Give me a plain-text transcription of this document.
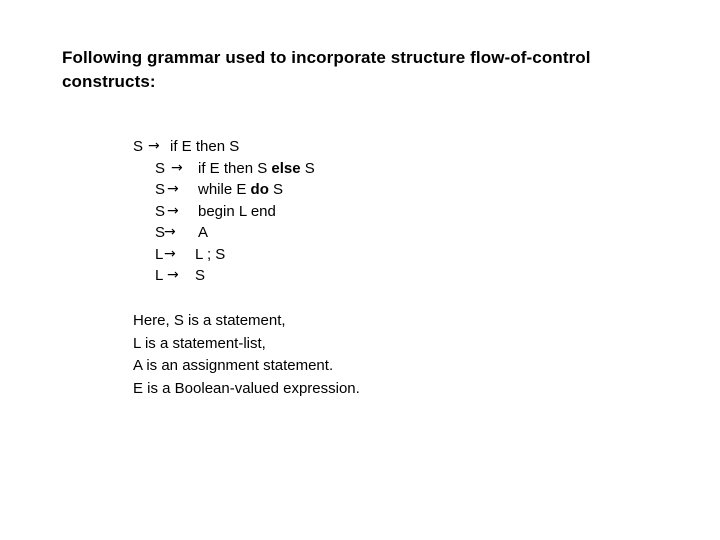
Following grammar used to incorporate structure flow-of-control
constructs:
S → if E then S
S → if E then S else S
S → while E do S
S → begin L end
S
→ A
L → L ; S
L → S
Here, S is a statement,
L is a statement-list,
A is an assignment statement.
E is a Boolean-valued expression.
